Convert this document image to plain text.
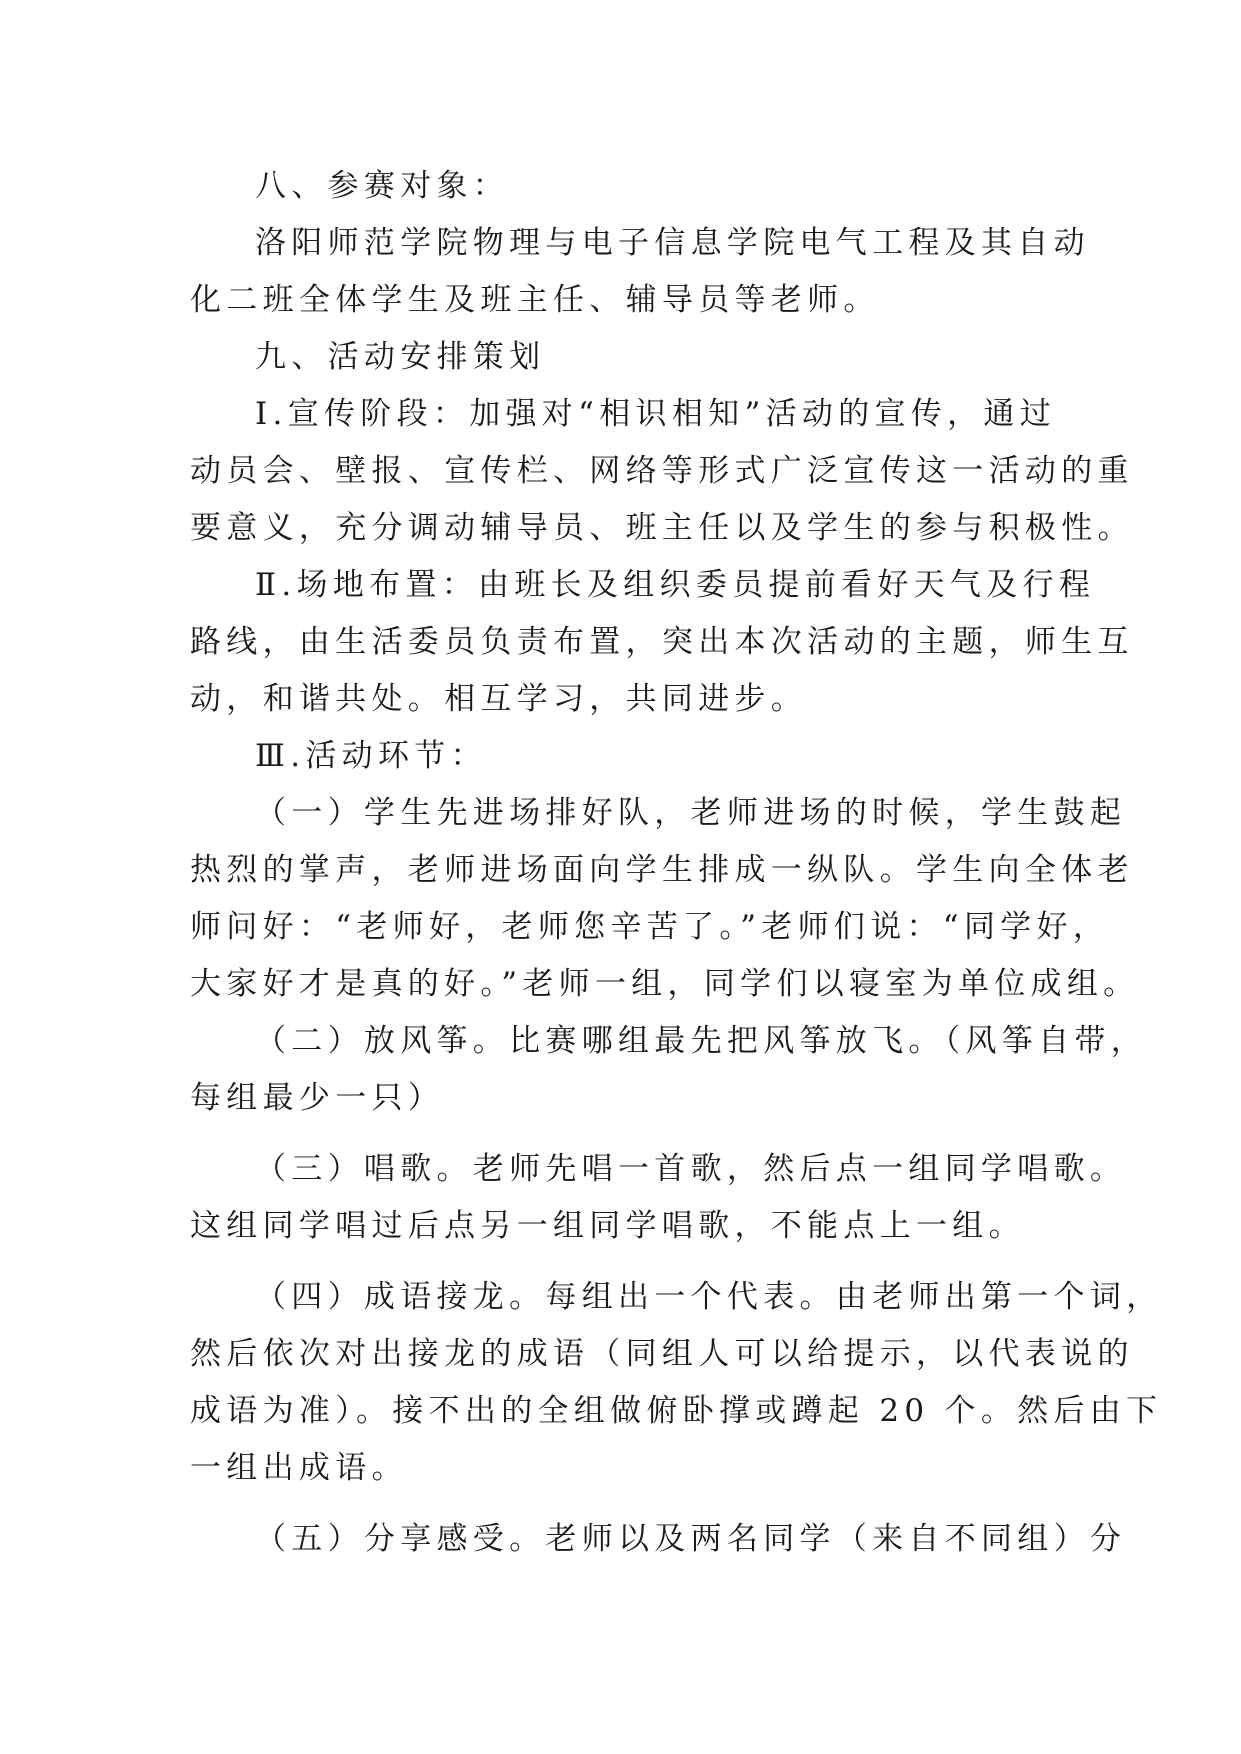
八、参赛对象：
洛阳师范学院物理与电子信息学院电气工程及其自动
化二班全体学生及班主任、辅导员等老师。
九、活动安排策划
Ⅰ.宣传阶段：加强对“相识相知”活动的宣传，通过
动员会、壁报、宣传栏、网络等形式广泛宣传这一活动的重
要意义，充分调动辅导员、班主任以及学生的参与积极性。
Ⅱ.场地布置：由班长及组织委员提前看好天气及行程
路线，由生活委员负责布置，突出本次活动的主题，师生互
动，和谐共处。相互学习，共同进步。
Ⅲ.活动环节：
（一）学生先进场排好队，老师进场的时候，学生鼓起
热烈的掌声，老师进场面向学生排成一纵队。学生向全体老
师问好：“老师好，老师您辛苦了。”老师们说：“同学好，
大家好才是真的好。”老师一组，同学们以寝室为单位成组。
（二）放风筝。比赛哪组最先把风筝放飞。（风筝自带，
每组最少一只）
（三）唱歌。老师先唱一首歌，然后点一组同学唱歌。
这组同学唱过后点另一组同学唱歌，不能点上一组。
（四）成语接龙。每组出一个代表。由老师出第一个词，
然后依次对出接龙的成语（同组人可以给提示，以代表说的
成语为准）。接不出的全组做俯卧撑或蹲起 20 个。然后由下
一组出成语。
（五）分享感受。老师以及两名同学（来自不同组）分
